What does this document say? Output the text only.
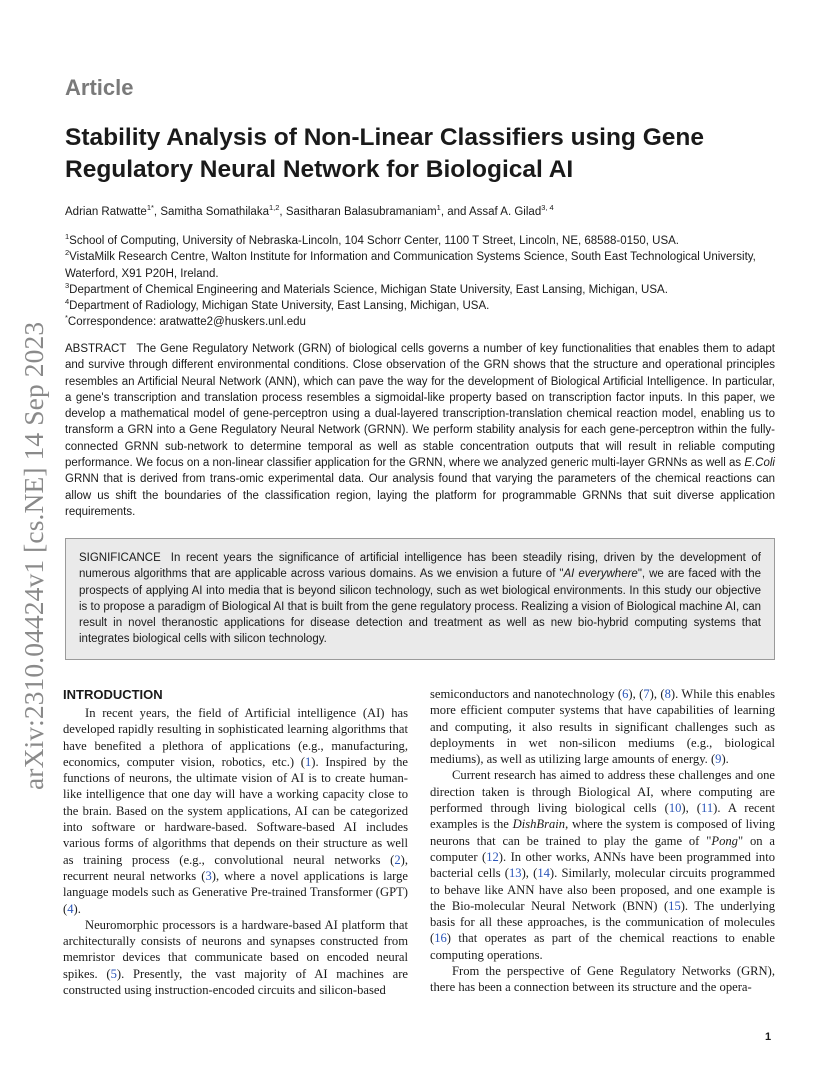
arXiv:2310.04424v1 [cs.NE] 14 Sep 2023
Article
Stability Analysis of Non-Linear Classifiers using Gene Regulatory Neural Network for Biological AI
Adrian Ratwatte$^{1*}$, Samitha Somathilaka$^{1,2}$, Sasitharan Balasubramaniam$^1$, and Assaf A. Gilad$^{3, 4}$
$^1$School of Computing, University of Nebraska-Lincoln, 104 Schorr Center, 1100 T Street, Lincoln, NE, 68588-0150, USA.
$^2$VistaMilk Research Centre, Walton Institute for Information and Communication Systems Science, South East Technological University, Waterford, X91 P20H, Ireland.
$^3$Department of Chemical Engineering and Materials Science, Michigan State University, East Lansing, Michigan, USA.
$^4$Department of Radiology, Michigan State University, East Lansing, Michigan, USA.
*Correspondence: aratwatte2@huskers.unl.edu
ABSTRACT The Gene Regulatory Network (GRN) of biological cells governs a number of key functionalities that enables them to adapt and survive through different environmental conditions. Close observation of the GRN shows that the structure and operational principles resembles an Artificial Neural Network (ANN), which can pave the way for the development of Biological Artificial Intelligence. In particular, a gene's transcription and translation process resembles a sigmoidal-like property based on transcription factor inputs. In this paper, we develop a mathematical model of gene-perceptron using a dual-layered transcription-translation chemical reaction model, enabling us to transform a GRN into a Gene Regulatory Neural Network (GRNN). We perform stability analysis for each gene-perceptron within the fully-connected GRNN sub-network to determine temporal as well as stable concentration outputs that will result in reliable computing performance. We focus on a non-linear classifier application for the GRNN, where we analyzed generic multi-layer GRNNs as well as E.Coli GRNN that is derived from trans-omic experimental data. Our analysis found that varying the parameters of the chemical reactions can allow us shift the boundaries of the classification region, laying the platform for programmable GRNNs that suit diverse application requirements.
SIGNIFICANCE In recent years the significance of artificial intelligence has been steadily rising, driven by the development of numerous algorithms that are applicable across various domains. As we envision a future of "AI everywhere", we are faced with the prospects of applying AI into media that is beyond silicon technology, such as wet biological environments. In this study our objective is to propose a paradigm of Biological AI that is built from the gene regulatory process. Realizing a vision of Biological machine AI, can result in novel theranostic applications for disease detection and treatment as well as new bio-hybrid computing systems that integrates biological cells with silicon technology.
INTRODUCTION

In recent years, the field of Artificial intelligence (AI) has developed rapidly resulting in sophisticated learning algorithms that have benefited a plethora of applications (e.g., manufacturing, economics, computer vision, robotics, etc.) (1). Inspired by the functions of neurons, the ultimate vision of AI is to create human-like intelligence that one day will have a working capacity close to the brain. Based on the system applications, AI can be categorized into software or hardware-based. Software-based AI includes various forms of algorithms that depends on their structure as well as training process (e.g., convolutional neural networks (2), recurrent neural networks (3), where a novel applications is large language models such as Generative Pre-trained Transformer (GPT) (4).

Neuromorphic processors is a hardware-based AI platform that architecturally consists of neurons and synapses constructed from memristor devices that communicate based on encoded neural spikes. (5). Presently, the vast majority of AI machines are constructed using instruction-encoded circuits and silicon-based

semiconductors and nanotechnology (6), (7), (8). While this enables more efficient computer systems that have capabilities of learning and computing, it also results in significant challenges such as deployments in wet non-silicon mediums (e.g., biological mediums), as well as utilizing large amounts of energy. (9).

Current research has aimed to address these challenges and one direction taken is through Biological AI, where computing are performed through living biological cells (10), (11). A recent examples is the DishBrain, where the system is composed of living neurons that can be trained to play the game of "Pong" on a computer (12). In other works, ANNs have been programmed into bacterial cells (13), (14). Similarly, molecular circuits programmed to behave like ANN have also been proposed, and one example is the Bio-molecular Neural Network (BNN) (15). The underlying basis for all these approaches, is the communication of molecules (16) that operates as part of the chemical reactions to enable computing operations.

From the perspective of Gene Regulatory Networks (GRN), there has been a connection between its structure and the opera-

1
